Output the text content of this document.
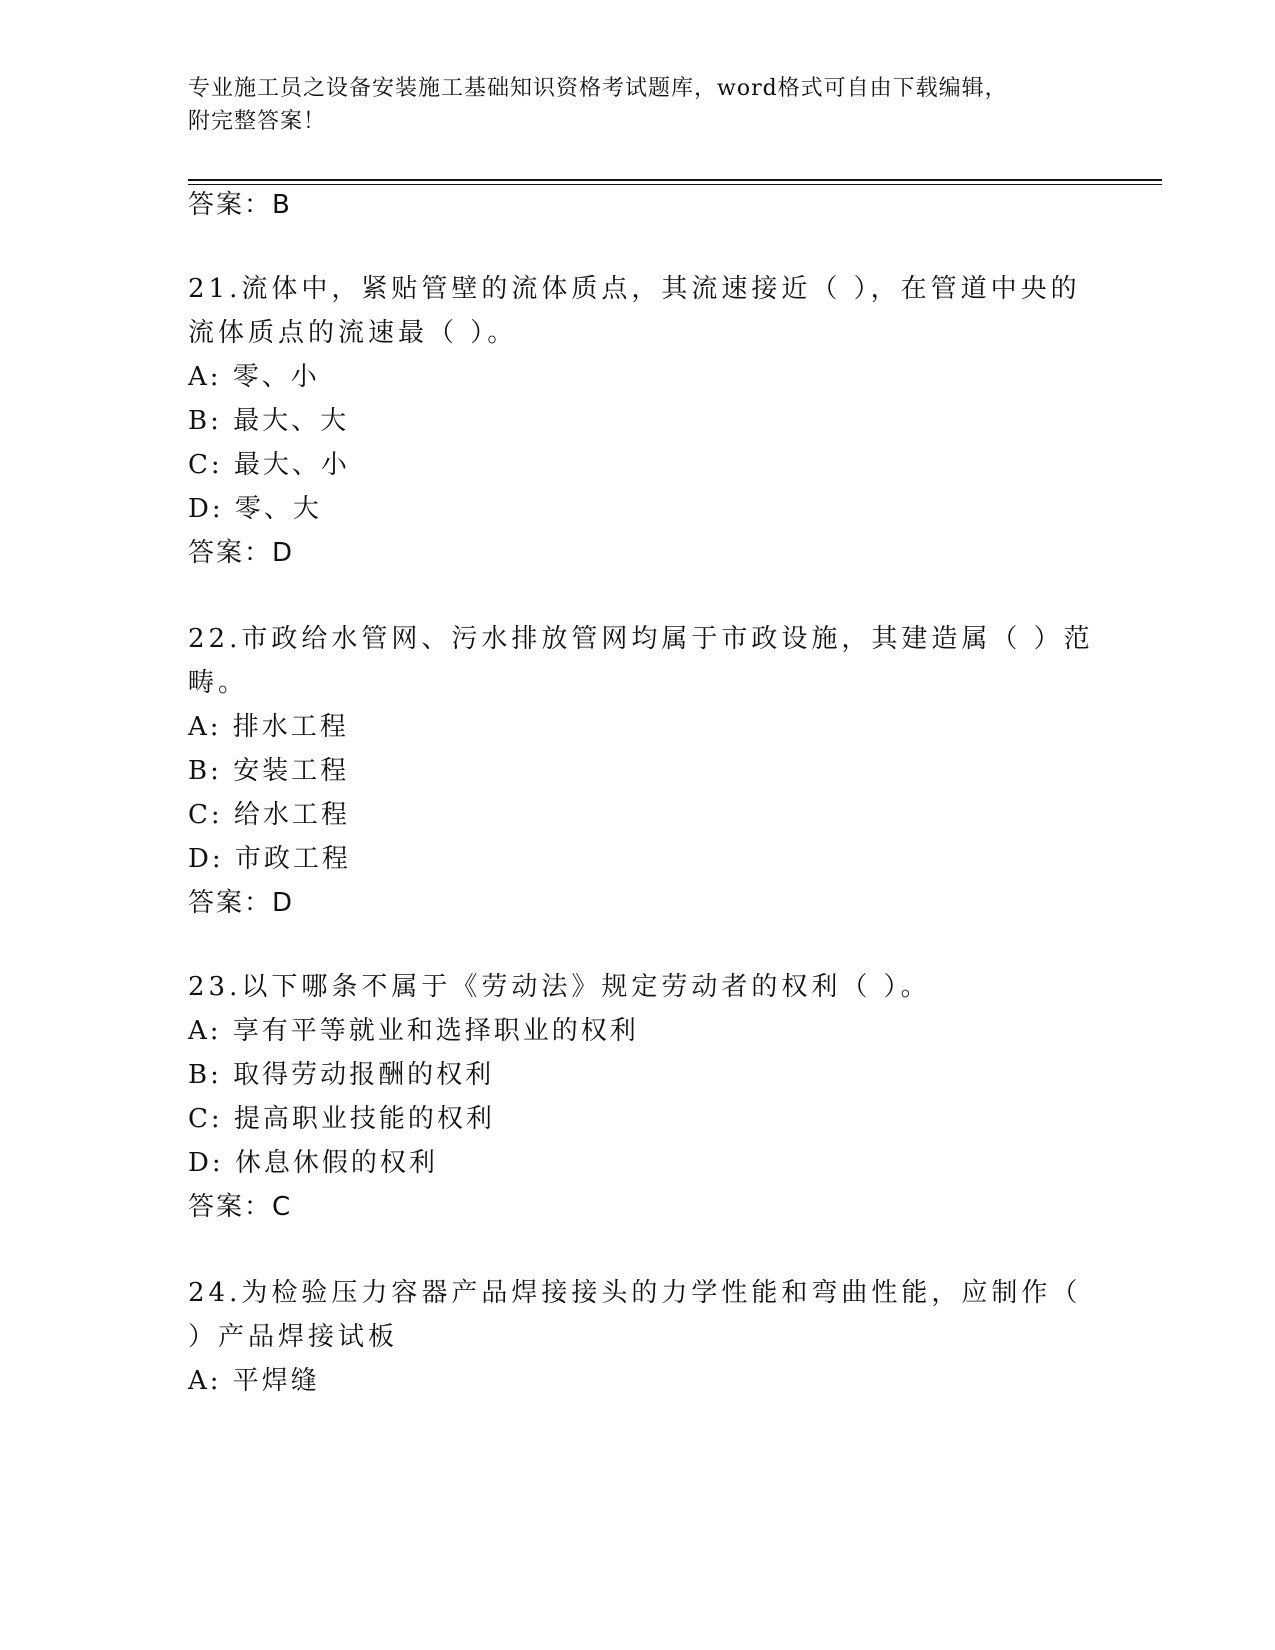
专业施工员之设备安装施工基础知识资格考试题库，word格式可自由下载编辑，
附完整答案！
答案：B
21.流体中，紧贴管壁的流体质点，其流速接近（ ），在管道中央的
流体质点的流速最（ ）。
A: 零、小
B: 最大、大
C: 最大、小
D: 零、大
答案：D
22.市政给水管网、污水排放管网均属于市政设施，其建造属（ ）范
畴。
A: 排水工程
B: 安装工程
C: 给水工程
D: 市政工程
答案：D
23.以下哪条不属于《劳动法》规定劳动者的权利（ ）。
A: 享有平等就业和选择职业的权利
B: 取得劳动报酬的权利
C: 提高职业技能的权利
D: 休息休假的权利
答案：C
24.为检验压力容器产品焊接接头的力学性能和弯曲性能，应制作（
）产品焊接试板
A: 平焊缝
